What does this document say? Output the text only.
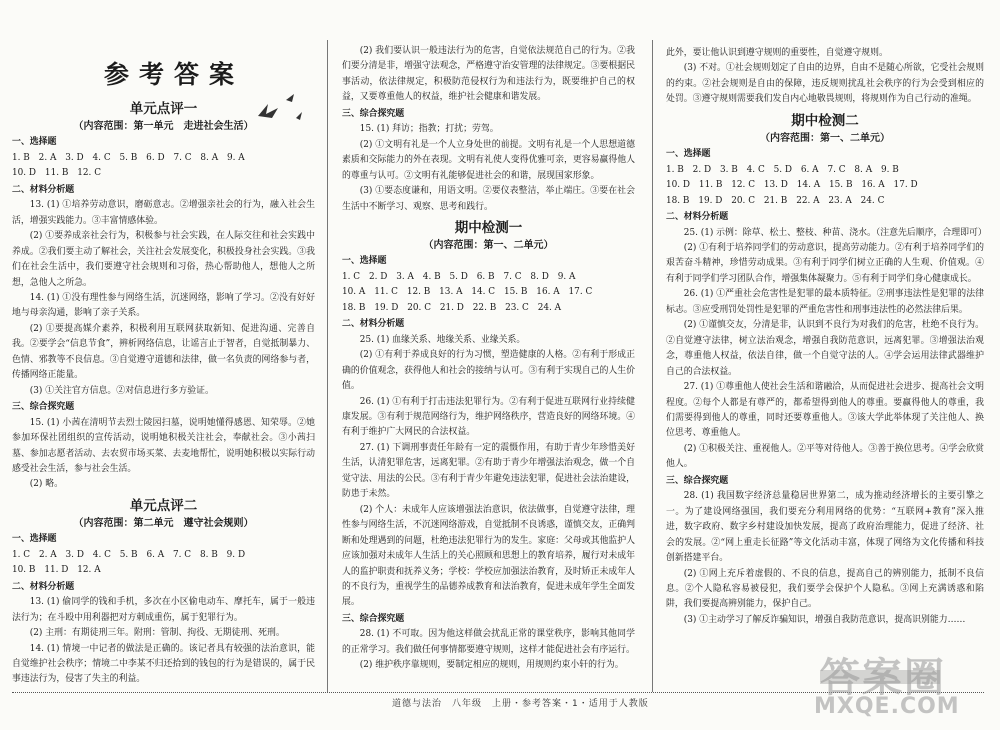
参考答案
单元点评一
（内容范围：第一单元　走进社会生活）

一、选择题

1. B　2. A　3. D　4. C　5. B　6. D　7. C　8. A　9. A

10. D　11. B　12. C

二、材料分析题

13. (1) ①培养劳动意识，磨砺意志。②增强亲社会的行为，融入社会生活，增强实践能力。③丰富情感体验。

(2) ①要养成亲社会行为，积极参与社会实践，在人际交往和社会实践中养成。②我们要主动了解社会，关注社会发展变化，积极投身社会实践。③我们在社会生活中，我们要遵守社会规则和习俗，热心帮助他人，想他人之所想，急他人之所急。

14. (1) ①没有理性参与网络生活，沉迷网络，影响了学习。②没有好好地与母亲沟通，影响了亲子关系。

(2) ①要提高媒介素养，积极利用互联网获取新知、促进沟通、完善自我。②要学会“信息节食”，辨析网络信息，让谣言止于智者，自觉抵制暴力、色情、邪教等不良信息。③自觉遵守道德和法律，做一名负责的网络参与者，传播网络正能量。

(3) ①关注官方信息。②对信息进行多方验证。

三、综合探究题

15. (1) 小茜在清明节去烈士陵园扫墓，说明她懂得感恩、知荣辱。②她参加环保社团组织的宣传活动，说明她积极关注社会，奉献社会。③小茜扫墓、参加志愿者活动、去农贸市场买菜、去麦地帮忙，说明她积极以实际行动感受社会生活，参与社会生活。

(2) 略。

单元点评二
（内容范围：第二单元　遵守社会规则）

一、选择题

1. C　2. A　3. D　4. C　5. B　6. A　7. C　8. B　9. D

10. B　11. D　12. A

二、材料分析题

13. (1) 偷同学的钱和手机，多次在小区偷电动车、摩托车，属于一般违法行为；在斗殴中用利器把对方刺成重伤，属于犯罪行为。

(2) 主刑：有期徒刑三年。附刑：管制、拘役、无期徒刑、死刑。

14. (1) 情境一中记者的做法是正确的。该记者具有较强的法治意识，能自觉维护社会秩序；情境二中李某不归还拾到的钱包的行为是错误的，属于民事违法行为，侵害了失主的利益。

(2) 我们要认识一般违法行为的危害，自觉依法规范自己的行为。②我们要分清是非，增强守法观念，严格遵守治安管理的法律规定。③要根据民事活动，依法律规定，积极防范侵权行为和违法行为，既要维护自己的权益，又要尊重他人的权益，维护社会健康和谐发展。

三、综合探究题

15. (1) 拜访；指教；打扰；劳驾。

(2) ①文明有礼是一个人立身处世的前提。文明有礼是一个人思想道德素质和交际能力的外在表现。文明有礼使人变得优雅可亲，更容易赢得他人的尊重与认可。②文明有礼能够促进社会的和谐，展现国家形象。

(3) ①要态度谦和，用语文明。②要仪表整洁，举止端庄。③要在社会生活中不断学习、观察、思考和践行。

期中检测一
（内容范围：第一、二单元）

一、选择题

1. C　2. D　3. A　4. B　5. D　6. B　7. C　8. D　9. A

10. A　11. C　12. B　13. A　14. C　15. B　16. A　17. C

18. B　19. D　20. C　21. D　22. B　23. C　24. A

二、材料分析题

25. (1) 血缘关系、地缘关系、业缘关系。

(2) ①有利于养成良好的行为习惯，塑造健康的人格。②有利于形成正确的价值观念，获得他人和社会的接纳与认可。③有利于实现自己的人生价值。

26. (1) ①有利于打击违法犯罪行为。②有利于促进互联网行业持续健康发展。③有利于规范网络行为，维护网络秩序，营造良好的网络环境。④有利于维护广大网民的合法权益。

27. (1) 下调刑事责任年龄有一定的震慑作用，有助于青少年珍惜美好生活，认清犯罪危害，远离犯罪。②有助于青少年增强法治观念，做一个自觉守法、用法的公民。③有利于青少年避免违法犯罪，促进社会法治建设，防患于未然。

(2) 个人：未成年人应该增强法治意识，依法做事，自觉遵守法律，理性参与网络生活，不沉迷网络游戏，自觉抵制不良诱惑，谨慎交友，正确判断和处理遇到的问题，杜绝违法犯罪行为的发生。家庭：父母或其他监护人应该加强对未成年人生活上的关心照顾和思想上的教育培养，履行对未成年人的监护职责和抚养义务；学校：学校应加强法治教育，及时矫正未成年人的不良行为，重视学生的品德养成教育和法治教育，促进未成年学生全面发展。

三、综合探究题

28. (1) 不可取。因为他这样做会扰乱正常的课堂秩序，影响其他同学的正常学习。我们做任何事情都要遵守规则，这样才能促进社会有序运行。

(2) 维护秩序靠规则，要制定相应的规则，用规则约束小轩的行为。

此外，要让他认识到遵守规则的重要性，自觉遵守规则。

(3) 不对。①社会规则划定了自由的边界，自由不是随心所欲，它受社会规则的约束。②社会规则是自由的保障，违反规则扰乱社会秩序的行为会受到相应的处罚。③遵守规则需要我们发自内心地敬畏规则，将规则作为自己行动的准绳。

期中检测二
（内容范围：第一、二单元）

一、选择题

1. B　2. D　3. B　4. C　5. D　6. A　7. C　8. A　9. B

10. D　11. B　12. C　13. D　14. A　15. B　16. A　17. D

18. B　19. D　20. C　21. B　22. A　23. A　24. C

二、材料分析题

25. (1) 示例：除草、松土、整枝、种苗、浇水。（注意先后顺序，合理即可）

(2) ①有利于培养同学们的劳动意识，提高劳动能力。②有利于培养同学们的艰苦奋斗精神，珍惜劳动成果。③有利于同学们树立正确的人生观、价值观。④有利于同学们学习团队合作，增强集体凝聚力。⑤有利于同学们身心健康成长。

26. (1) ①严重社会危害性是犯罪的最本质特征。②刑事违法性是犯罪的法律标志。③应受刑罚处罚性是犯罪的严重危害性和刑事违法性的必然法律后果。

(2) ①谨慎交友，分清是非，认识到不良行为对我们的危害，杜绝不良行为。②自觉遵守法律，树立法治观念，增强自我防范意识，远离犯罪。③增强法治观念，尊重他人权益，依法自律，做一个自觉守法的人。④学会运用法律武器维护自己的合法权益。

27. (1) ①尊重他人使社会生活和谐融洽，从而促进社会进步、提高社会文明程度。②每个人都是有尊严的，都希望得到他人的尊重。要赢得他人的尊重，我们需要得到他人的尊重，同时还要尊重他人。③该大学此举体现了关注他人、换位思考、尊重他人。

(2) ①积极关注、重视他人。②平等对待他人。③善于换位思考。④学会欣赏他人。

三、综合探究题

28. (1) 我国数字经济总量稳居世界第二，成为推动经济增长的主要引擎之一。为了建设网络强国，我们要充分利用网络的优势：“互联网+教育”深入推进，数字政府、数字乡村建设加快发展，提高了政府治理能力，促进了经济、社会的发展。②“网上重走长征路”等文化活动丰富，体现了网络为文化传播和科技创新搭建平台。

(2) ①网上充斥着虚假的、不良的信息，提高自己的辨别能力，抵制不良信息。②个人隐私容易被侵犯，我们要学会保护个人隐私。③网上充满诱惑和陷阱，我们要提高辨别能力，保护自己。

(3) ①主动学习了解反诈骗知识，增强自我防范意识，提高识别能力……

道德与法治　八年级　上册・参考答案・1・适用于人教版
答案圈
MXQE.COM
